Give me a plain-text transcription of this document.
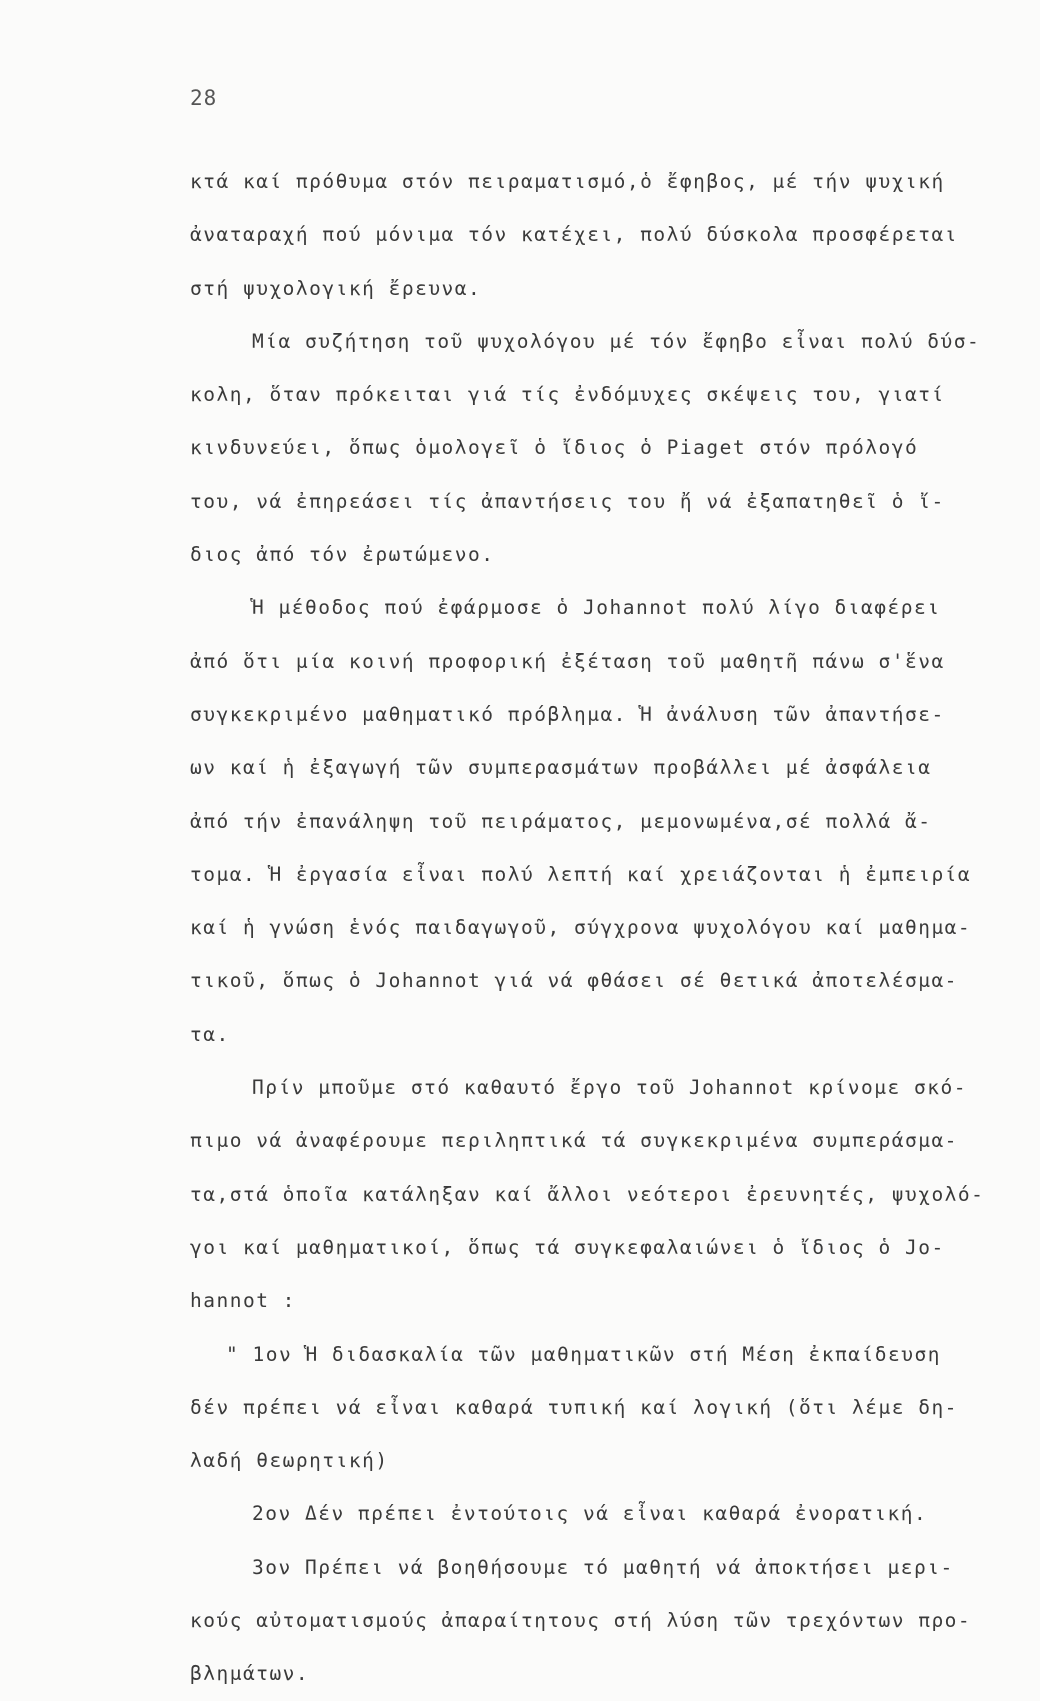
28
κτά καί πρόθυμα στόν πειραματισμό,ὁ ἔφηβος, μέ τήν ψυχική
ἀναταραχή πού μόνιμα τόν κατέχει, πολύ δύσκολα προσφέρεται
στή ψυχολογική ἔρευνα.
Μία συζήτηση τοῦ ψυχολόγου μέ τόν ἔφηβο εἶναι πολύ δύσ-
κολη, ὅταν πρόκειται γιά τίς ἐνδόμυχες σκέψεις του, γιατί
κινδυνεύει, ὅπως ὁμολογεῖ ὁ ἴδιος ὁ Piaget στόν πρόλογό
του, νά ἐπηρεάσει τίς ἀπαντήσεις του ἤ νά ἐξαπατηθεῖ ὁ ἴ-
διος ἀπό τόν ἐρωτώμενο.
Ἡ μέθοδος πού ἐφάρμοσε ὁ Johannot πολύ λίγο διαφέρει
ἀπό ὅτι μία κοινή προφορική ἐξέταση τοῦ μαθητῆ πάνω σ'ἕνα
συγκεκριμένο μαθηματικό πρόβλημα. Ἡ ἀνάλυση τῶν ἀπαντήσε-
ων καί ἡ ἐξαγωγή τῶν συμπερασμάτων προβάλλει μέ ἀσφάλεια
ἀπό τήν ἐπανάληψη τοῦ πειράματος, μεμονωμένα,σέ πολλά ἄ-
τομα. Ἡ ἐργασία εἶναι πολύ λεπτή καί χρειάζονται ἡ ἐμπειρία
καί ἡ γνώση ἑνός παιδαγωγοῦ, σύγχρονα ψυχολόγου καί μαθημα-
τικοῦ, ὅπως ὁ Johannot γιά νά φθάσει σέ θετικά ἀποτελέσμα-
τα.
Πρίν μποῦμε στό καθαυτό ἔργο τοῦ Johannot κρίνομε σκό-
πιμο νά ἀναφέρουμε περιληπτικά τά συγκεκριμένα συμπεράσμα-
τα,στά ὁποῖα κατάληξαν καί ἄλλοι νεότεροι ἐρευνητές, ψυχολό-
γοι καί μαθηματικοί, ὅπως τά συγκεφαλαιώνει ὁ ἴδιος ὁ Jo-
hannot :
" 1ον Ἡ διδασκαλία τῶν μαθηματικῶν στή Μέση ἐκπαίδευση
δέν πρέπει νά εἶναι καθαρά τυπική καί λογική (ὅτι λέμε δη-
λαδή θεωρητική)
2ον Δέν πρέπει ἐντούτοις νά εἶναι καθαρά ἐνορατική.
3ον Πρέπει νά βοηθήσουμε τό μαθητή νά ἀποκτήσει μερι-
κούς αὐτοματισμούς ἀπαραίτητους στή λύση τῶν τρεχόντων προ-
βλημάτων.
